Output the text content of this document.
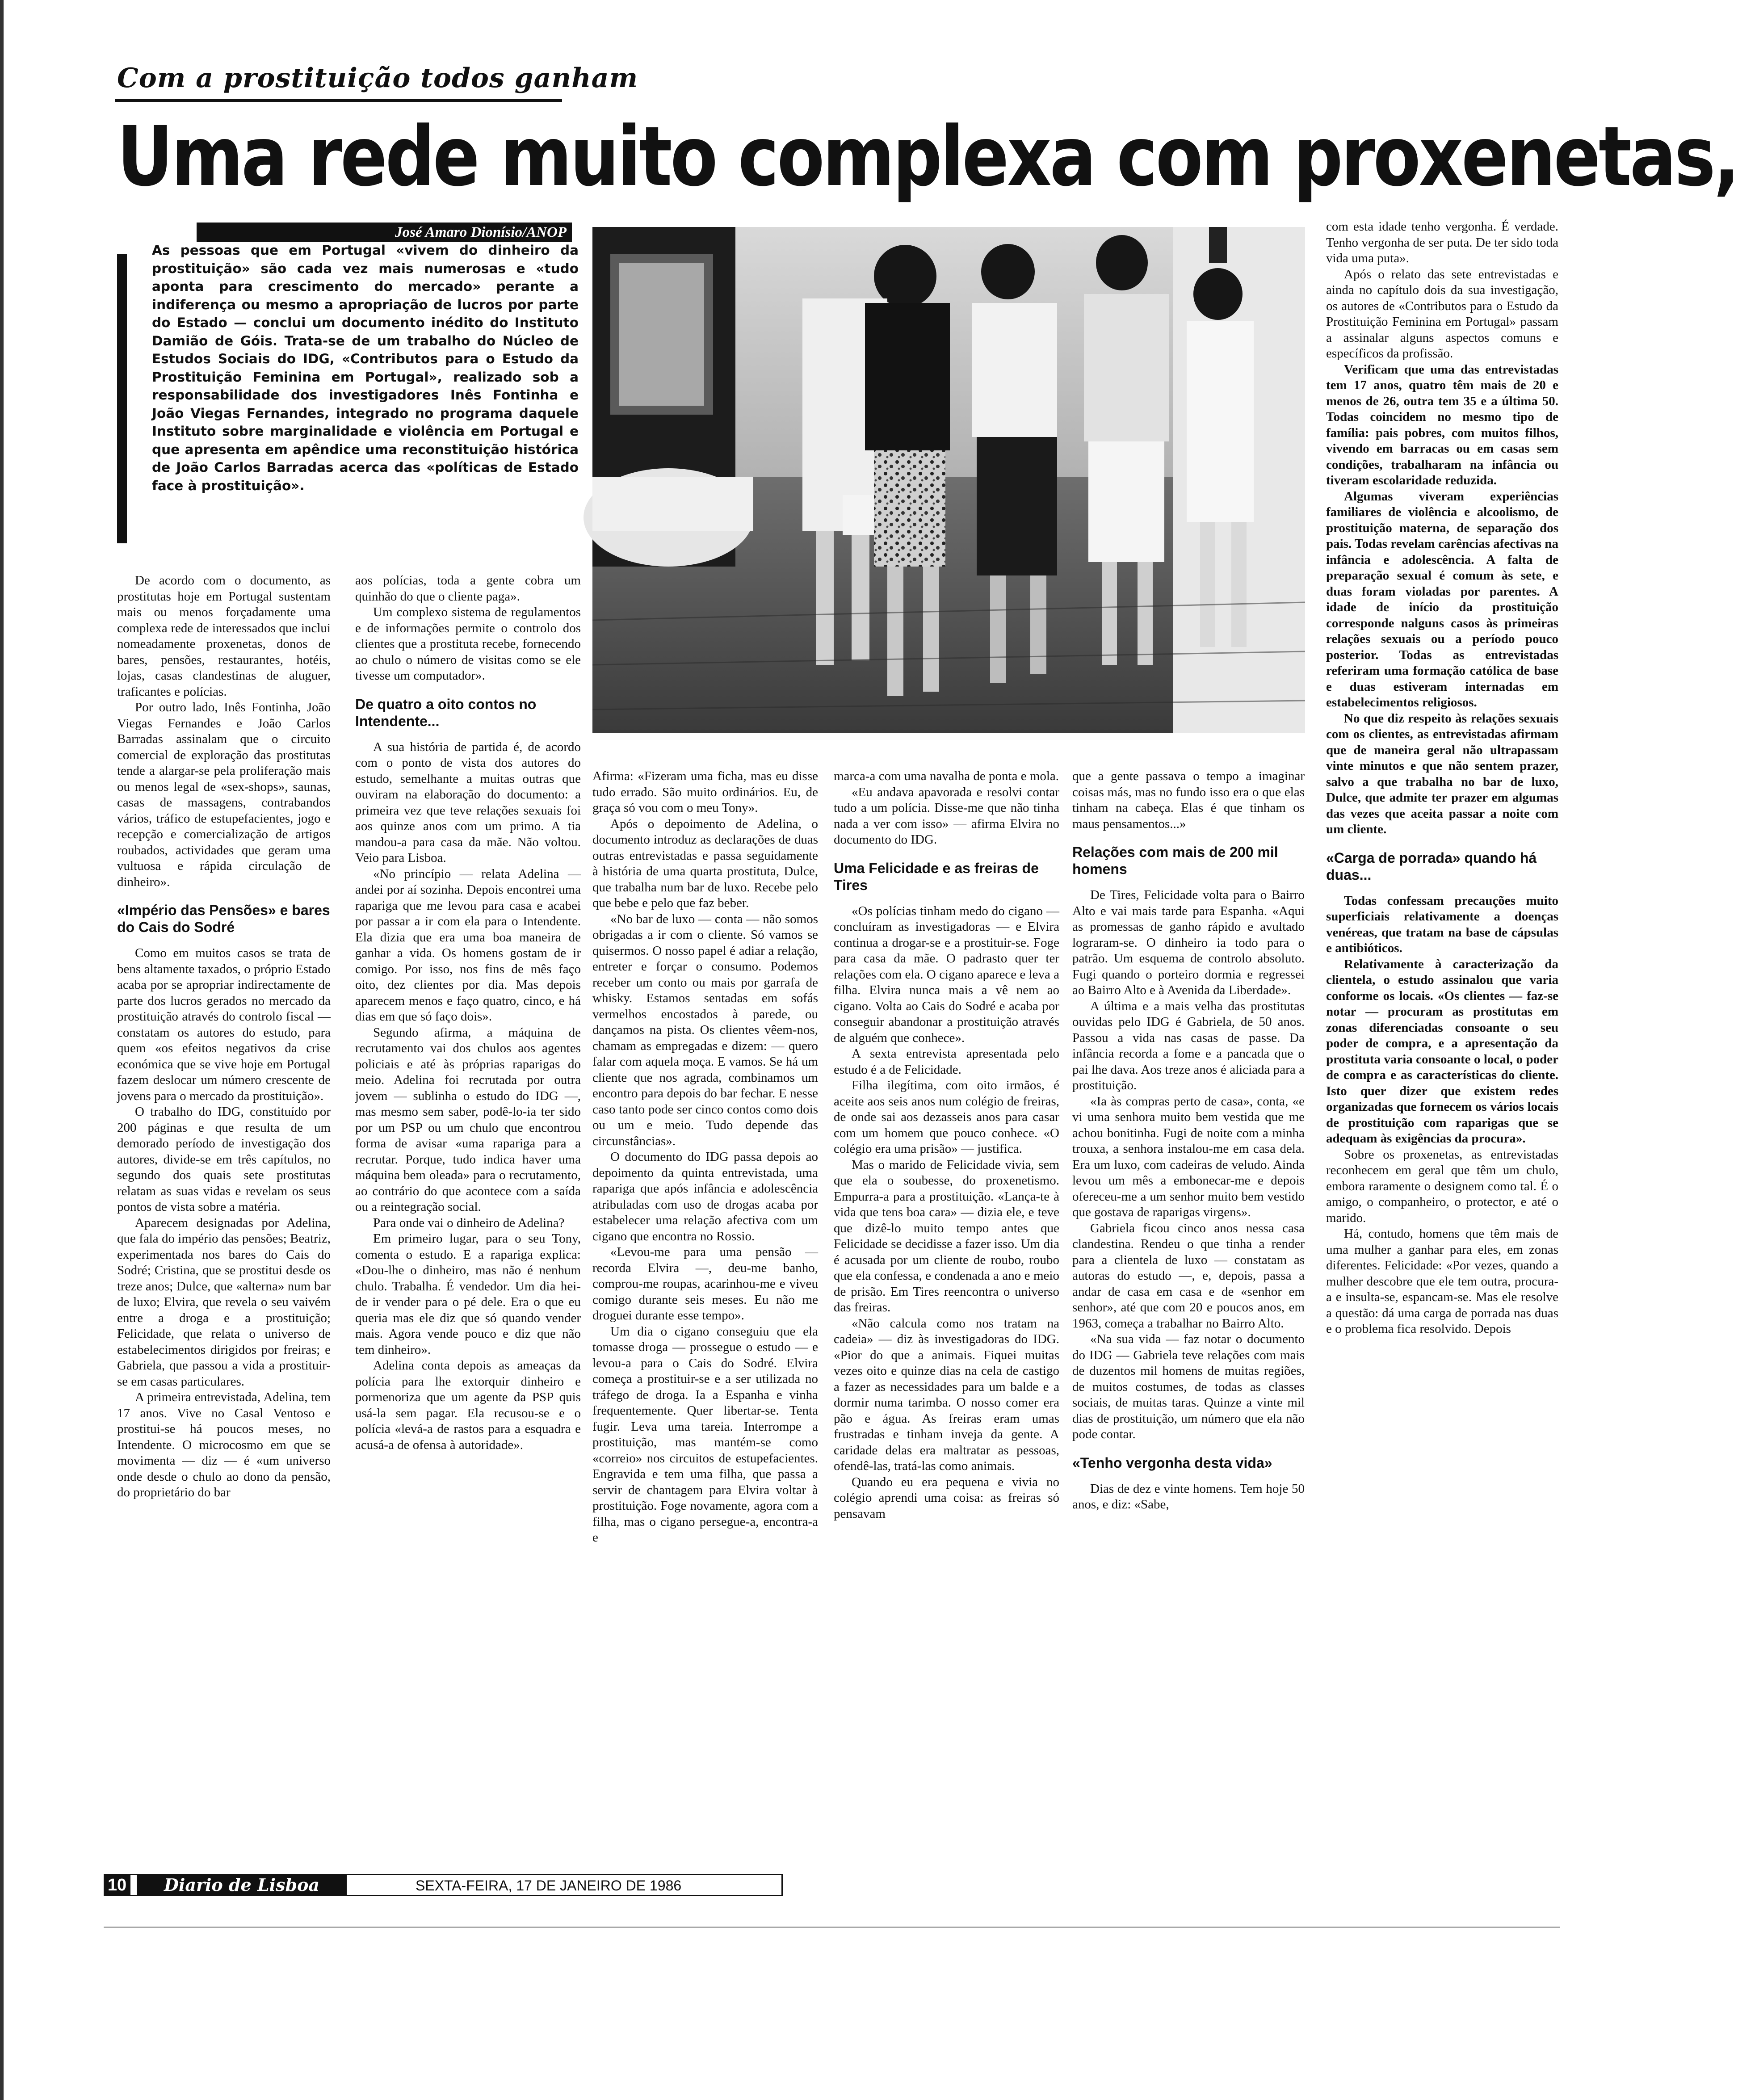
Com a prostituição todos ganham
Uma rede muito complexa com proxenetas,
José Amaro Dionísio/ANOP
As pessoas que em Portugal «vivem do dinheiro da prostituição» são cada vez mais numerosas e «tudo aponta para crescimento do mercado» perante a indiferença ou mesmo a apropriação de lucros por parte do Estado — conclui um documento inédito do Instituto Damião de Góis. Trata-se de um trabalho do Núcleo de Estudos Sociais do IDG, «Contributos para o Estudo da Prostituição Feminina em Portugal», realizado sob a responsabilidade dos investigadores Inês Fontinha e João Viegas Fernandes, integrado no programa daquele Instituto sobre marginalidade e violência em Portugal e que apresenta em apêndice uma reconstituição histórica de João Carlos Barradas acerca das «políticas de Estado face à prostituição».

De acordo com o documento, as prostitutas hoje em Portugal sustentam mais ou menos forçadamente uma complexa rede de interessados que inclui nomeadamente proxenetas, donos de bares, pensões, restaurantes, hotéis, lojas, casas clandestinas de aluguer, traficantes e polícias.

Por outro lado, Inês Fontinha, João Viegas Fernandes e João Carlos Barradas assinalam que o circuito comercial de exploração das prostitutas tende a alargar-se pela proliferação mais ou menos legal de «sex-shops», saunas, casas de massagens, contrabandos vários, tráfico de estupefacientes, jogo e recepção e comercialização de artigos roubados, actividades que geram uma vultuosa e rápida circulação de dinheiro».

«Império das Pensões» e bares do Cais do Sodré

Como em muitos casos se trata de bens altamente taxados, o próprio Estado acaba por se apropriar indirectamente de parte dos lucros gerados no mercado da prostituição através do controlo fiscal — constatam os autores do estudo, para quem «os efeitos negativos da crise económica que se vive hoje em Portugal fazem deslocar um número crescente de jovens para o mercado da prostituição».

O trabalho do IDG, constituído por 200 páginas e que resulta de um demorado período de investigação dos autores, divide-se em três capítulos, no segundo dos quais sete prostitutas relatam as suas vidas e revelam os seus pontos de vista sobre a matéria.

Aparecem designadas por Adelina, que fala do império das pensões; Beatriz, experimentada nos bares do Cais do Sodré; Cristina, que se prostitui desde os treze anos; Dulce, que «alterna» num bar de luxo; Elvira, que revela o seu vaivém entre a droga e a prostituição; Felicidade, que relata o universo de estabelecimentos dirigidos por freiras; e Gabriela, que passou a vida a prostituir-se em casas particulares.

A primeira entrevistada, Adelina, tem 17 anos. Vive no Casal Ventoso e prostitui-se há poucos meses, no Intendente. O microcosmo em que se movimenta — diz — é «um universo onde desde o chulo ao dono da pensão, do proprietário do bar

aos polícias, toda a gente cobra um quinhão do que o cliente paga».

Um complexo sistema de regulamentos e de informações permite o controlo dos clientes que a prostituta recebe, fornecendo ao chulo o número de visitas como se ele tivesse um computador».

De quatro a oito contos no Intendente...

A sua história de partida é, de acordo com o ponto de vista dos autores do estudo, semelhante a muitas outras que ouviram na elaboração do documento: a primeira vez que teve relações sexuais foi aos quinze anos com um primo. A tia mandou-a para casa da mãe. Não voltou. Veio para Lisboa.

«No princípio — relata Adelina — andei por aí sozinha. Depois encontrei uma rapariga que me levou para casa e acabei por passar a ir com ela para o Intendente. Ela dizia que era uma boa maneira de ganhar a vida. Os homens gostam de ir comigo. Por isso, nos fins de mês faço oito, dez clientes por dia. Mas depois aparecem menos e faço quatro, cinco, e há dias em que só faço dois».

Segundo afirma, a máquina de recrutamento vai dos chulos aos agentes policiais e até às próprias raparigas do meio. Adelina foi recrutada por outra jovem — sublinha o estudo do IDG —, mas mesmo sem saber, podê-lo-ia ter sido por um PSP ou um chulo que encontrou forma de avisar «uma rapariga para a recrutar. Porque, tudo indica haver uma máquina bem oleada» para o recrutamento, ao contrário do que acontece com a saída ou a reintegração social.

Para onde vai o dinheiro de Adelina?

Em primeiro lugar, para o seu Tony, comenta o estudo. E a rapariga explica: «Dou-lhe o dinheiro, mas não é nenhum chulo. Trabalha. É vendedor. Um dia hei-de ir vender para o pé dele. Era o que eu queria mas ele diz que só quando vender mais. Agora vende pouco e diz que não tem dinheiro».

Adelina conta depois as ameaças da polícia para lhe extorquir dinheiro e pormenoriza que um agente da PSP quis usá-la sem pagar. Ela recusou-se e o polícia «levá-a de rastos para a esquadra e acusá-a de ofensa à autoridade».

Afirma: «Fizeram uma ficha, mas eu disse tudo errado. São muito ordinários. Eu, de graça só vou com o meu Tony».

Após o depoimento de Adelina, o documento introduz as declarações de duas outras entrevistadas e passa seguidamente à história de uma quarta prostituta, Dulce, que trabalha num bar de luxo. Recebe pelo que bebe e pelo que faz beber.

«No bar de luxo — conta — não somos obrigadas a ir com o cliente. Só vamos se quisermos. O nosso papel é adiar a relação, entreter e forçar o consumo. Podemos receber um conto ou mais por garrafa de whisky. Estamos sentadas em sofás vermelhos encostados à parede, ou dançamos na pista. Os clientes vêem-nos, chamam as empregadas e dizem: — quero falar com aquela moça. E vamos. Se há um cliente que nos agrada, combinamos um encontro para depois do bar fechar. E nesse caso tanto pode ser cinco contos como dois ou um e meio. Tudo depende das circunstâncias».

O documento do IDG passa depois ao depoimento da quinta entrevistada, uma rapariga que após infância e adolescência atribuladas com uso de drogas acaba por estabelecer uma relação afectiva com um cigano que encontra no Rossio.

«Levou-me para uma pensão — recorda Elvira —, deu-me banho, comprou-me roupas, acarinhou-me e viveu comigo durante seis meses. Eu não me droguei durante esse tempo».

Um dia o cigano conseguiu que ela tomasse droga — prossegue o estudo — e levou-a para o Cais do Sodré. Elvira começa a prostituir-se e a ser utilizada no tráfego de droga. Ia a Espanha e vinha frequentemente. Quer libertar-se. Tenta fugir. Leva uma tareia. Interrompe a prostituição, mas mantém-se como «correio» nos circuitos de estupefacientes. Engravida e tem uma filha, que passa a servir de chantagem para Elvira voltar à prostituição. Foge novamente, agora com a filha, mas o cigano persegue-a, encontra-a e

marca-a com uma navalha de ponta e mola.

«Eu andava apavorada e resolvi contar tudo a um polícia. Disse-me que não tinha nada a ver com isso» — afirma Elvira no documento do IDG.

Uma Felicidade e as freiras de Tires

«Os polícias tinham medo do cigano — concluíram as investigadoras — e Elvira continua a drogar-se e a prostituir-se. Foge para casa da mãe. O padrasto quer ter relações com ela. O cigano aparece e leva a filha. Elvira nunca mais a vê nem ao cigano. Volta ao Cais do Sodré e acaba por conseguir abandonar a prostituição através de alguém que conhece».

A sexta entrevista apresentada pelo estudo é a de Felicidade.

Filha ilegítima, com oito irmãos, é aceite aos seis anos num colégio de freiras, de onde sai aos dezasseis anos para casar com um homem que pouco conhece. «O colégio era uma prisão» — justifica.

Mas o marido de Felicidade vivia, sem que ela o soubesse, do proxenetismo. Empurra-a para a prostituição. «Lança-te à vida que tens boa cara» — dizia ele, e teve que dizê-lo muito tempo antes que Felicidade se decidisse a fazer isso. Um dia é acusada por um cliente de roubo, roubo que ela confessa, e condenada a ano e meio de prisão. Em Tires reencontra o universo das freiras.

«Não calcula como nos tratam na cadeia» — diz às investigadoras do IDG. «Pior do que a animais. Fiquei muitas vezes oito e quinze dias na cela de castigo a fazer as necessidades para um balde e a dormir numa tarimba. O nosso comer era pão e água. As freiras eram umas frustradas e tinham inveja da gente. A caridade delas era maltratar as pessoas, ofendê-las, tratá-las como animais.

Quando eu era pequena e vivia no colégio aprendi uma coisa: as freiras só pensavam

que a gente passava o tempo a imaginar coisas más, mas no fundo isso era o que elas tinham na cabeça. Elas é que tinham os maus pensamentos...»

Relações com mais de 200 mil homens

De Tires, Felicidade volta para o Bairro Alto e vai mais tarde para Espanha. «Aqui as promessas de ganho rápido e avultado lograram-se. O dinheiro ia todo para o patrão. Um esquema de controlo absoluto. Fugi quando o porteiro dormia e regressei ao Bairro Alto e à Avenida da Liberdade».

A última e a mais velha das prostitutas ouvidas pelo IDG é Gabriela, de 50 anos. Passou a vida nas casas de passe. Da infância recorda a fome e a pancada que o pai lhe dava. Aos treze anos é aliciada para a prostituição.

«Ia às compras perto de casa», conta, «e vi uma senhora muito bem vestida que me achou bonitinha. Fugi de noite com a minha trouxa, a senhora instalou-me em casa dela. Era um luxo, com cadeiras de veludo. Ainda levou um mês a embonecar-me e depois ofereceu-me a um senhor muito bem vestido que gostava de raparigas virgens».

Gabriela ficou cinco anos nessa casa clandestina. Rendeu o que tinha a render para a clientela de luxo — constatam as autoras do estudo —, e, depois, passa a andar de casa em casa e de «senhor em senhor», até que com 20 e poucos anos, em 1963, começa a trabalhar no Bairro Alto.

«Na sua vida — faz notar o documento do IDG — Gabriela teve relações com mais de duzentos mil homens de muitas regiões, de muitos costumes, de todas as classes sociais, de muitas taras. Quinze a vinte mil dias de prostituição, um número que ela não pode contar.

«Tenho vergonha desta vida»

Dias de dez e vinte homens. Tem hoje 50 anos, e diz: «Sabe,

com esta idade tenho vergonha. É verdade. Tenho vergonha de ser puta. De ter sido toda vida uma puta».

Após o relato das sete entrevistadas e ainda no capítulo dois da sua investigação, os autores de «Contributos para o Estudo da Prostituição Feminina em Portugal» passam a assinalar alguns aspectos comuns e específicos da profissão.

Verificam que uma das entrevistadas tem 17 anos, quatro têm mais de 20 e menos de 26, outra tem 35 e a última 50. Todas coincidem no mesmo tipo de família: pais pobres, com muitos filhos, vivendo em barracas ou em casas sem condições, trabalharam na infância ou tiveram escolaridade reduzida.

Algumas viveram experiências familiares de violência e alcoolismo, de prostituição materna, de separação dos pais. Todas revelam carências afectivas na infância e adolescência. A falta de preparação sexual é comum às sete, e duas foram violadas por parentes. A idade de início da prostituição corresponde nalguns casos às primeiras relações sexuais ou a período pouco posterior. Todas as entrevistadas referiram uma formação católica de base e duas estiveram internadas em estabelecimentos religiosos.

No que diz respeito às relações sexuais com os clientes, as entrevistadas afirmam que de maneira geral não ultrapassam vinte minutos e que não sentem prazer, salvo a que trabalha no bar de luxo, Dulce, que admite ter prazer em algumas das vezes que aceita passar a noite com um cliente.

«Carga de porrada» quando há duas...

Todas confessam precauções muito superficiais relativamente a doenças venéreas, que tratam na base de cápsulas e antibióticos.

Relativamente à caracterização da clientela, o estudo assinalou que varia conforme os locais. «Os clientes — faz-se notar — procuram as prostitutas em zonas diferenciadas consoante o seu poder de compra, e a apresentação da prostituta varia consoante o local, o poder de compra e as características do cliente. Isto quer dizer que existem redes organizadas que fornecem os vários locais de prostituição com raparigas que se adequam às exigências da procura».

Sobre os proxenetas, as entrevistadas reconhecem em geral que têm um chulo, embora raramente o designem como tal. É o amigo, o companheiro, o protector, e até o marido.

Há, contudo, homens que têm mais de uma mulher a ganhar para eles, em zonas diferentes. Felicidade: «Por vezes, quando a mulher descobre que ele tem outra, procura-a e insulta-se, espancam-se. Mas ele resolve a questão: dá uma carga de porrada nas duas e o problema fica resolvido. Depois

10	Diario de Lisboa	SEXTA-FEIRA, 17 DE JANEIRO DE 1986
